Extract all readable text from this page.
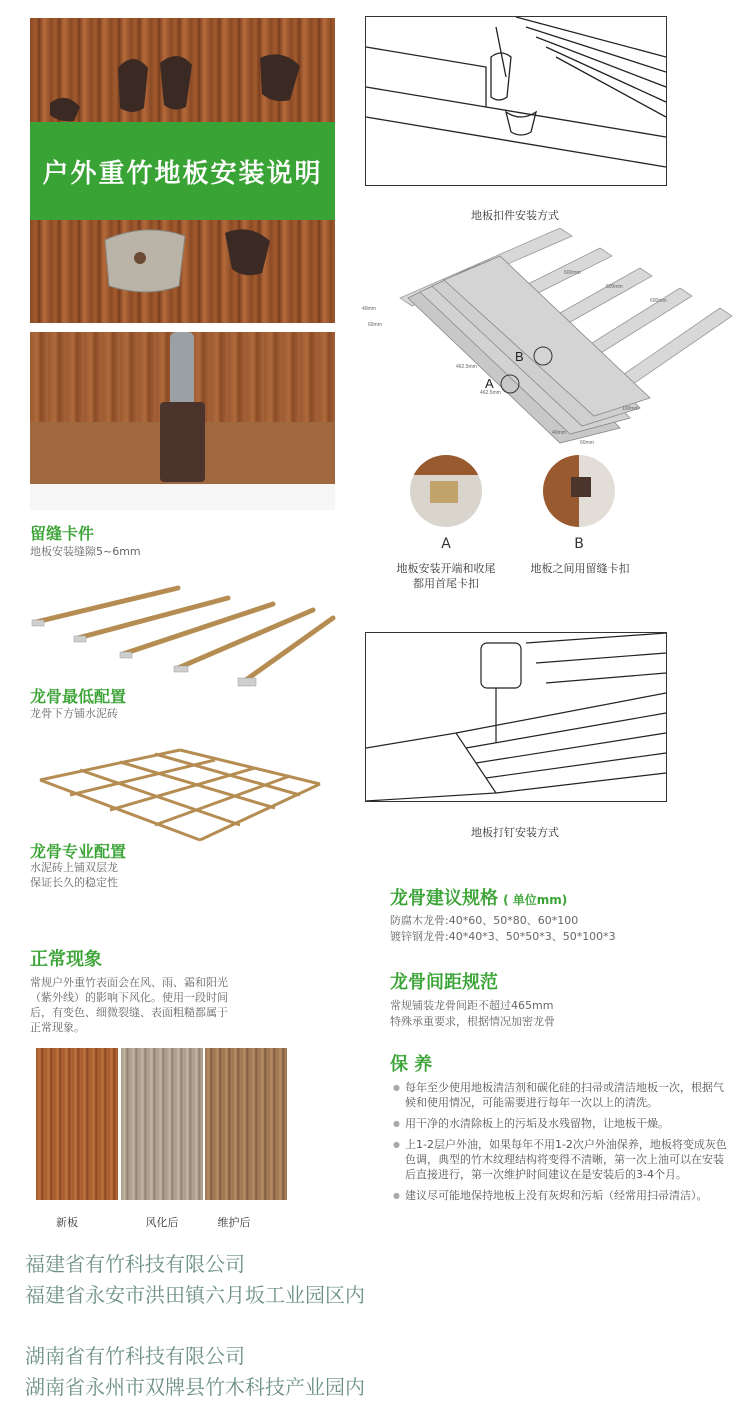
户外重竹地板安装说明
留缝卡件
地板安装缝隙5~6mm
地板扣件安装方式
B
A
600mm
600mm
600mm
462.5mm
462.5mm
40mm
60mm
100mm
40mm
60mm
A
地板安装开端和收尾
都用首尾卡扣
B
地板之间用留缝卡扣
龙骨最低配置
龙骨下方铺水泥砖
龙骨专业配置
水泥砖上铺双层龙
保证长久的稳定性
地板打钉安装方式
龙骨建议规格 ( 单位mm)
防腐木龙骨:40*60、50*80、60*100
镀锌钢龙骨:40*40*3、50*50*3、50*100*3
龙骨间距规范
常规铺装龙骨间距不超过465mm
特殊承重要求，根据情况加密龙骨
正常现象
常规户外重竹表面会在风、雨、霜和阳光
（紫外线）的影响下风化。使用一段时间
后，有变色、细微裂缝、表面粗糙都属于
正常现象。
新板	风化后	维护后
保 养
● 每年至少使用地板清洁剂和碳化硅的扫帚或清洁地板一次，根据气候和使用情况，可能需要进行每年一次以上的清洗。
● 用干净的水清除板上的污垢及水残留物，让地板干燥。
● 上1-2层户外油，如果每年不用1-2次户外油保养，地板将变成灰色色调，典型的竹木纹理结构将变得不清晰，第一次上油可以在安装后直接进行，第一次维护时间建议在是安装后的3-4个月。
● 建议尽可能地保持地板上没有灰烬和污垢（经常用扫帚清洁）。
福建省有竹科技有限公司
福建省永安市洪田镇六月坂工业园区内
湖南省有竹科技有限公司
湖南省永州市双牌县竹木科技产业园内
